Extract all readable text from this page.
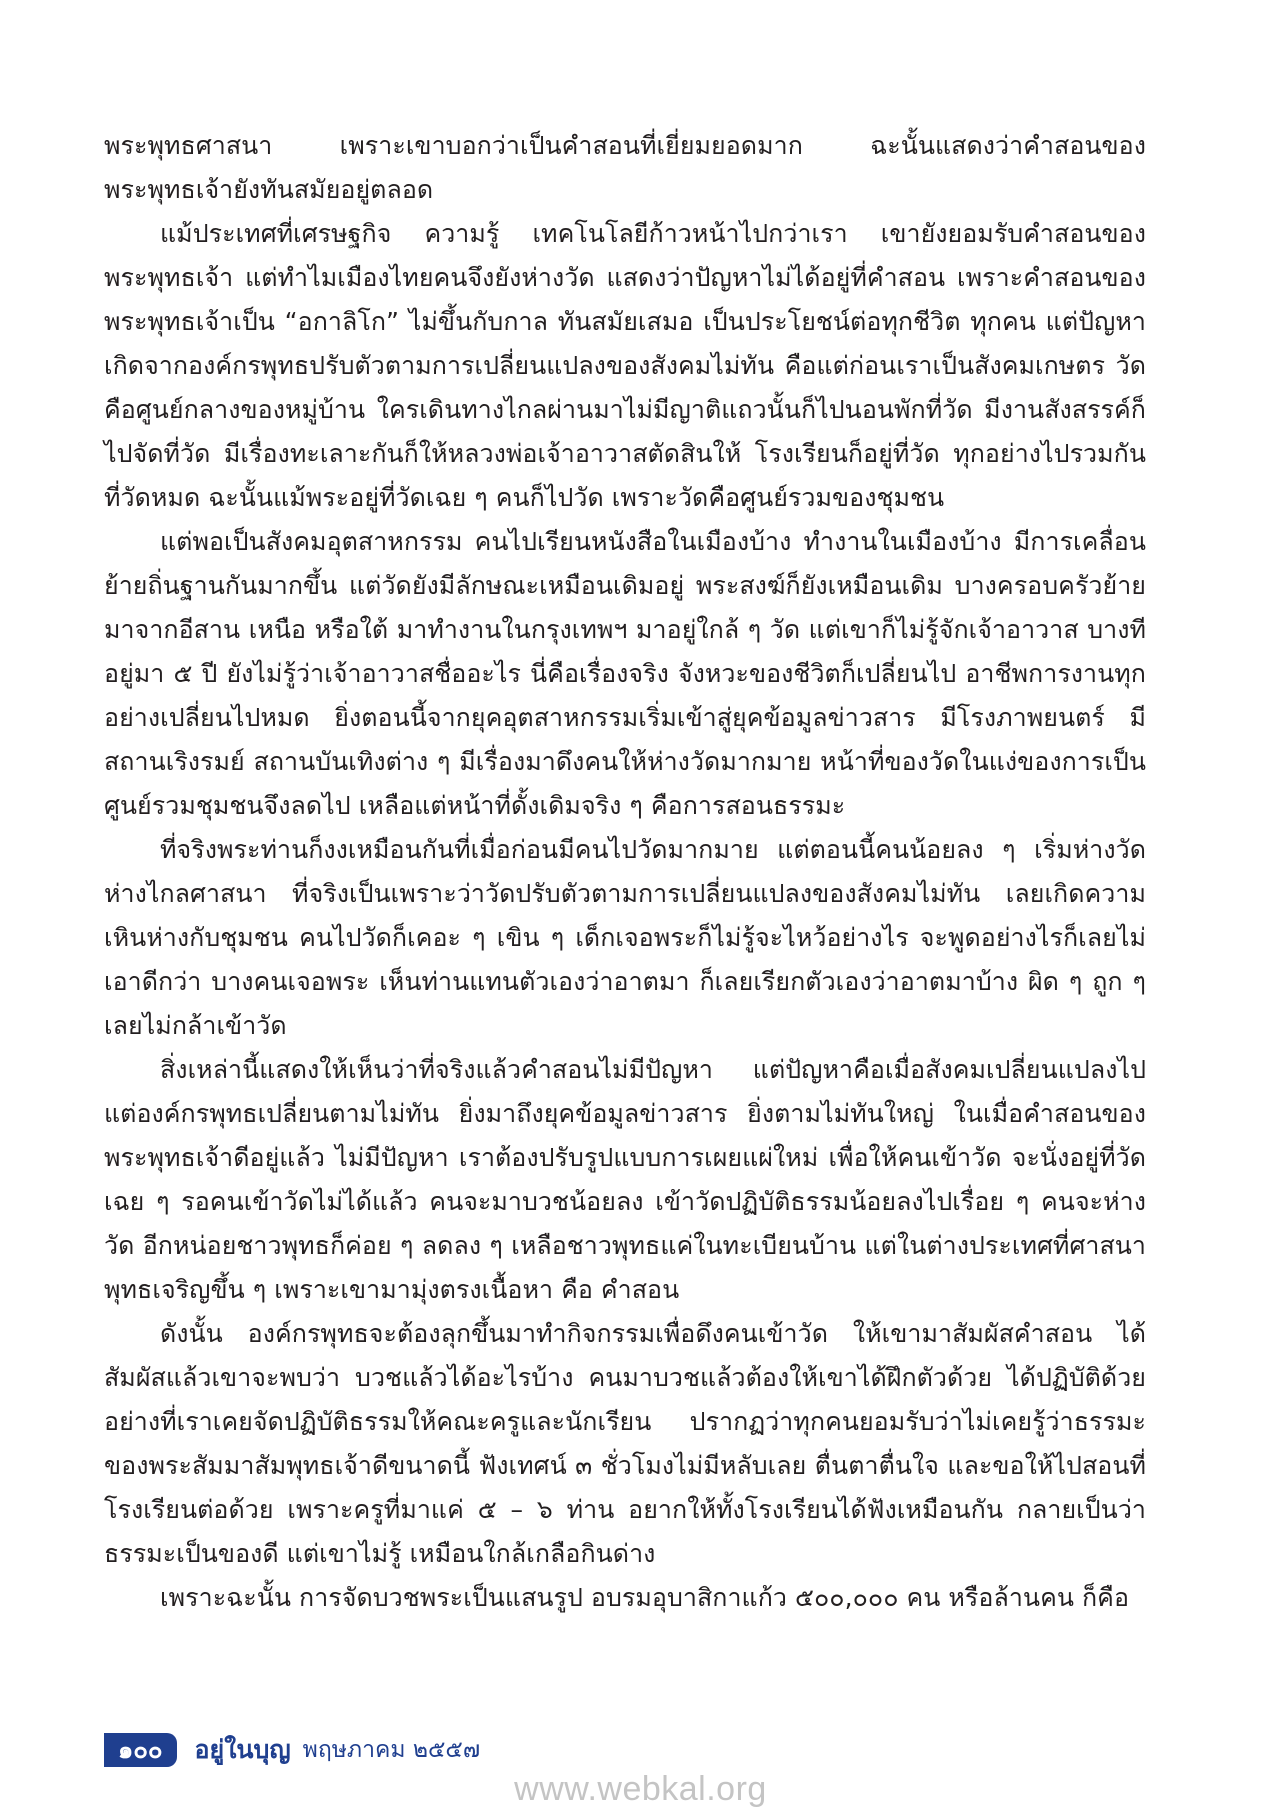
พระพุทธศาสนา เพราะเขาบอกว่าเป็นคำสอนที่เยี่ยมยอดมาก ฉะนั้นแสดงว่าคำสอนของพระพุทธเจ้ายังทันสมัยอยู่ตลอด

แม้ประเทศที่เศรษฐกิจ ความรู้ เทคโนโลยีก้าวหน้าไปกว่าเรา เขายังยอมรับคำสอนของพระพุทธเจ้า แต่ทำไมเมืองไทยคนจึงยังห่างวัด แสดงว่าปัญหาไม่ได้อยู่ที่คำสอน เพราะคำสอนของพระพุทธเจ้าเป็น “อกาลิโก” ไม่ขึ้นกับกาล ทันสมัยเสมอ เป็นประโยชน์ต่อทุกชีวิต ทุกคน แต่ปัญหาเกิดจากองค์กรพุทธปรับตัวตามการเปลี่ยนแปลงของสังคมไม่ทัน คือแต่ก่อนเราเป็นสังคมเกษตร วัดคือศูนย์กลางของหมู่บ้าน ใครเดินทางไกลผ่านมาไม่มีญาติแถวนั้นก็ไปนอนพักที่วัด มีงานสังสรรค์ก็ไปจัดที่วัด มีเรื่องทะเลาะกันก็ให้หลวงพ่อเจ้าอาวาสตัดสินให้ โรงเรียนก็อยู่ที่วัด ทุกอย่างไปรวมกันที่วัดหมด ฉะนั้นแม้พระอยู่ที่วัดเฉย ๆ คนก็ไปวัด เพราะวัดคือศูนย์รวมของชุมชน

แต่พอเป็นสังคมอุตสาหกรรม คนไปเรียนหนังสือในเมืองบ้าง ทำงานในเมืองบ้าง มีการเคลื่อนย้ายถิ่นฐานกันมากขึ้น แต่วัดยังมีลักษณะเหมือนเดิมอยู่ พระสงฆ์ก็ยังเหมือนเดิม บางครอบครัวย้ายมาจากอีสาน เหนือ หรือใต้ มาทำงานในกรุงเทพฯ มาอยู่ใกล้ ๆ วัด แต่เขาก็ไม่รู้จักเจ้าอาวาส บางทีอยู่มา ๕ ปี ยังไม่รู้ว่าเจ้าอาวาสชื่ออะไร นี่คือเรื่องจริง จังหวะของชีวิตก็เปลี่ยนไป อาชีพการงานทุกอย่างเปลี่ยนไปหมด ยิ่งตอนนี้จากยุคอุตสาหกรรมเริ่มเข้าสู่ยุคข้อมูลข่าวสาร มีโรงภาพยนตร์ มีสถานเริงรมย์ สถานบันเทิงต่าง ๆ มีเรื่องมาดึงคนให้ห่างวัดมากมาย หน้าที่ของวัดในแง่ของการเป็นศูนย์รวมชุมชนจึงลดไป เหลือแต่หน้าที่ดั้งเดิมจริง ๆ คือการสอนธรรมะ

ที่จริงพระท่านก็งงเหมือนกันที่เมื่อก่อนมีคนไปวัดมากมาย แต่ตอนนี้คนน้อยลง ๆ เริ่มห่างวัด ห่างไกลศาสนา ที่จริงเป็นเพราะว่าวัดปรับตัวตามการเปลี่ยนแปลงของสังคมไม่ทัน เลยเกิดความเหินห่างกับชุมชน คนไปวัดก็เคอะ ๆ เขิน ๆ เด็กเจอพระก็ไม่รู้จะไหว้อย่างไร จะพูดอย่างไรก็เลยไม่เอาดีกว่า บางคนเจอพระ เห็นท่านแทนตัวเองว่าอาตมา ก็เลยเรียกตัวเองว่าอาตมาบ้าง ผิด ๆ ถูก ๆ เลยไม่กล้าเข้าวัด

สิ่งเหล่านี้แสดงให้เห็นว่าที่จริงแล้วคำสอนไม่มีปัญหา แต่ปัญหาคือเมื่อสังคมเปลี่ยนแปลงไป แต่องค์กรพุทธเปลี่ยนตามไม่ทัน ยิ่งมาถึงยุคข้อมูลข่าวสาร ยิ่งตามไม่ทันใหญ่ ในเมื่อคำสอนของพระพุทธเจ้าดีอยู่แล้ว ไม่มีปัญหา เราต้องปรับรูปแบบการเผยแผ่ใหม่ เพื่อให้คนเข้าวัด จะนั่งอยู่ที่วัดเฉย ๆ รอคนเข้าวัดไม่ได้แล้ว คนจะมาบวชน้อยลง เข้าวัดปฏิบัติธรรมน้อยลงไปเรื่อย ๆ คนจะห่างวัด อีกหน่อยชาวพุทธก็ค่อย ๆ ลดลง ๆ เหลือชาวพุทธแค่ในทะเบียนบ้าน แต่ในต่างประเทศที่ศาสนาพุทธเจริญขึ้น ๆ เพราะเขามามุ่งตรงเนื้อหา คือ คำสอน

ดังนั้น องค์กรพุทธจะต้องลุกขึ้นมาทำกิจกรรมเพื่อดึงคนเข้าวัด ให้เขามาสัมผัสคำสอน ได้สัมผัสแล้วเขาจะพบว่า บวชแล้วได้อะไรบ้าง คนมาบวชแล้วต้องให้เขาได้ฝึกตัวด้วย ได้ปฏิบัติด้วย อย่างที่เราเคยจัดปฏิบัติธรรมให้คณะครูและนักเรียน ปรากฏว่าทุกคนยอมรับว่าไม่เคยรู้ว่าธรรมะของพระสัมมาสัมพุทธเจ้าดีขนาดนี้ ฟังเทศน์ ๓ ชั่วโมงไม่มีหลับเลย ตื่นตาตื่นใจ และขอให้ไปสอนที่โรงเรียนต่อด้วย เพราะครูที่มาแค่ ๕ – ๖ ท่าน อยากให้ทั้งโรงเรียนได้ฟังเหมือนกัน กลายเป็นว่าธรรมะเป็นของดี แต่เขาไม่รู้ เหมือนใกล้เกลือกินด่าง

เพราะฉะนั้น การจัดบวชพระเป็นแสนรูป อบรมอุบาสิกาแก้ว ๕๐๐,๐๐๐ คน หรือล้านคน ก็คือ

๑๐๐	อยู่ในบุญ พฤษภาคม ๒๕๕๗
www.webkal.org
